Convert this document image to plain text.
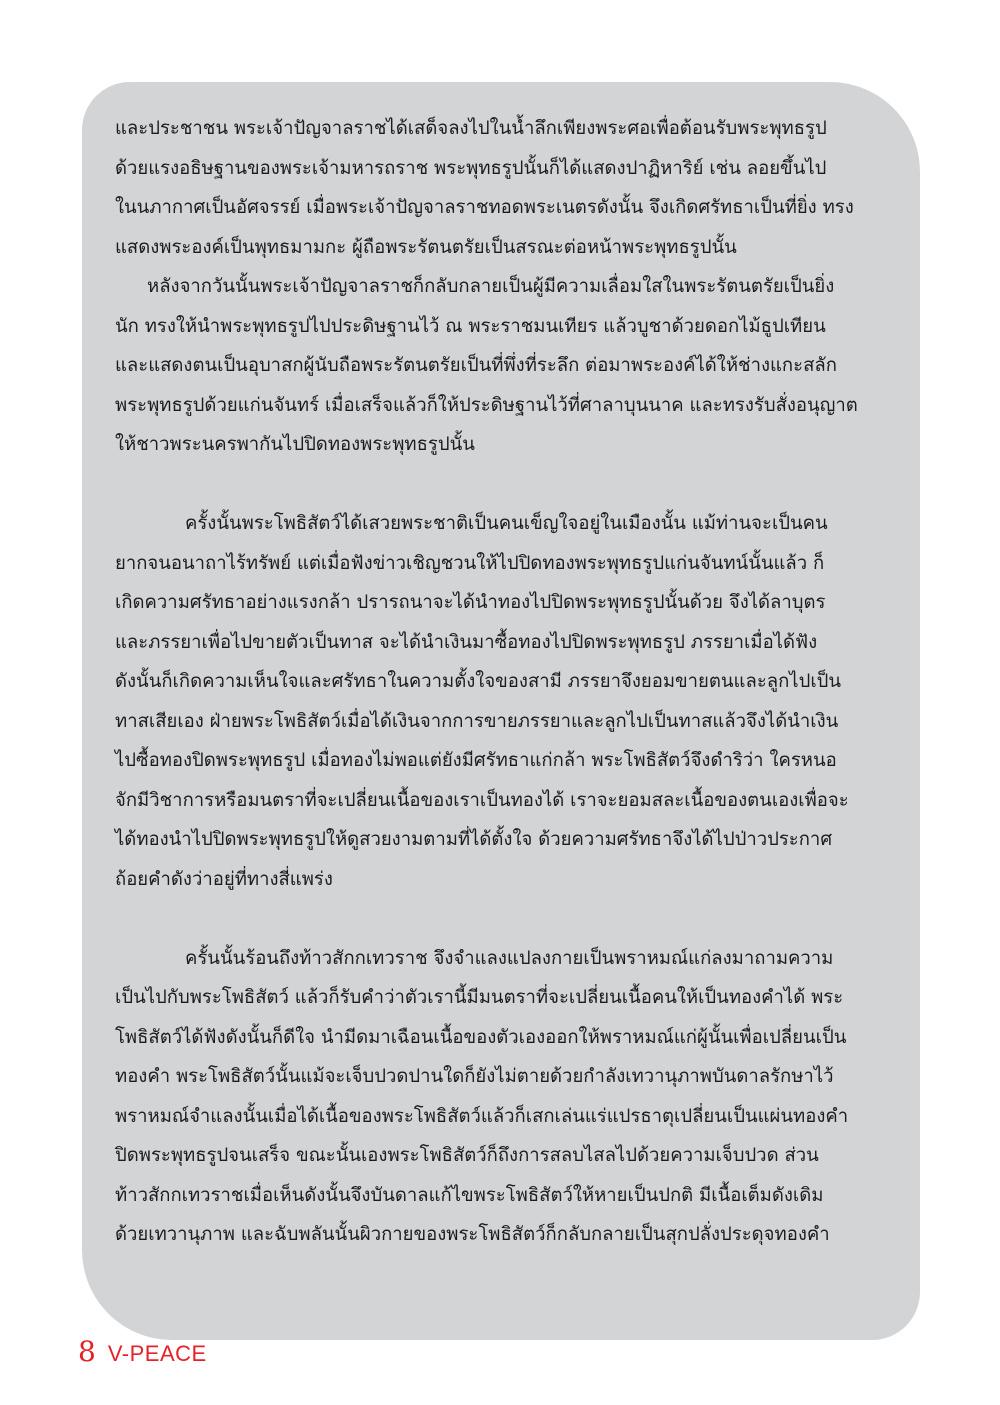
และประชาชน พระเจ้าปัญจาลราชได้เสด็จลงไปในน้ำลึกเพียงพระศอเพื่อต้อนรับพระพุทธรูป
ด้วยแรงอธิษฐานของพระเจ้ามหารถราช พระพุทธรูปนั้นก็ได้แสดงปาฏิหาริย์ เช่น ลอยขึ้นไป
ในนภากาศเป็นอัศจรรย์ เมื่อพระเจ้าปัญจาลราชทอดพระเนตรดังนั้น จึงเกิดศรัทธาเป็นที่ยิ่ง ทรง
แสดงพระองค์เป็นพุทธมามกะ ผู้ถือพระรัตนตรัยเป็นสรณะต่อหน้าพระพุทธรูปนั้น

หลังจากวันนั้นพระเจ้าปัญจาลราชก็กลับกลายเป็นผู้มีความเลื่อมใสในพระรัตนตรัยเป็นยิ่ง
นัก ทรงให้นำพระพุทธรูปไปประดิษฐานไว้ ณ พระราชมนเทียร แล้วบูชาด้วยดอกไม้ธูปเทียน
และแสดงตนเป็นอุบาสกผู้นับถือพระรัตนตรัยเป็นที่พึ่งที่ระลึก ต่อมาพระองค์ได้ให้ช่างแกะสลัก
พระพุทธรูปด้วยแก่นจันทร์ เมื่อเสร็จแล้วก็ให้ประดิษฐานไว้ที่ศาลาบุนนาค และทรงรับสั่งอนุญาต
ให้ชาวพระนครพากันไปปิดทองพระพุทธรูปนั้น

ครั้งนั้นพระโพธิสัตว์ได้เสวยพระชาติเป็นคนเข็ญใจอยู่ในเมืองนั้น แม้ท่านจะเป็นคน
ยากจนอนาถาไร้ทรัพย์ แต่เมื่อฟังข่าวเชิญชวนให้ไปปิดทองพระพุทธรูปแก่นจันทน์นั้นแล้ว ก็
เกิดความศรัทธาอย่างแรงกล้า ปรารถนาจะได้นำทองไปปิดพระพุทธรูปนั้นด้วย จึงได้ลาบุตร
และภรรยาเพื่อไปขายตัวเป็นทาส จะได้นำเงินมาซื้อทองไปปิดพระพุทธรูป ภรรยาเมื่อได้ฟัง
ดังนั้นก็เกิดความเห็นใจและศรัทธาในความตั้งใจของสามี ภรรยาจึงยอมขายตนและลูกไปเป็น
ทาสเสียเอง ฝ่ายพระโพธิสัตว์เมื่อได้เงินจากการขายภรรยาและลูกไปเป็นทาสแล้วจึงได้นำเงิน
ไปซื้อทองปิดพระพุทธรูป เมื่อทองไม่พอแต่ยังมีศรัทธาแก่กล้า พระโพธิสัตว์จึงดำริว่า ใครหนอ
จักมีวิชาการหรือมนตราที่จะเปลี่ยนเนื้อของเราเป็นทองได้ เราจะยอมสละเนื้อของตนเองเพื่อจะ
ได้ทองนำไปปิดพระพุทธรูปให้ดูสวยงามตามที่ได้ตั้งใจ ด้วยความศรัทธาจึงได้ไปป่าวประกาศ
ถ้อยคำดังว่าอยู่ที่ทางสี่แพร่ง

ครั้นนั้นร้อนถึงท้าวสักกเทวราช จึงจำแลงแปลงกายเป็นพราหมณ์แก่ลงมาถามความ
เป็นไปกับพระโพธิสัตว์ แล้วก็รับคำว่าตัวเรานี้มีมนตราที่จะเปลี่ยนเนื้อคนให้เป็นทองคำได้ พระ
โพธิสัตว์ได้ฟังดังนั้นก็ดีใจ นำมีดมาเฉือนเนื้อของตัวเองออกให้พราหมณ์แก่ผู้นั้นเพื่อเปลี่ยนเป็น
ทองคำ พระโพธิสัตว์นั้นแม้จะเจ็บปวดปานใดก็ยังไม่ตายด้วยกำลังเทวานุภาพบันดาลรักษาไว้
พราหมณ์จำแลงนั้นเมื่อได้เนื้อของพระโพธิสัตว์แล้วก็เสกเล่นแร่แปรธาตุเปลี่ยนเป็นแผ่นทองคำ
ปิดพระพุทธรูปจนเสร็จ ขณะนั้นเองพระโพธิสัตว์ก็ถึงการสลบไสลไปด้วยความเจ็บปวด ส่วน
ท้าวสักกเทวราชเมื่อเห็นดังนั้นจึงบันดาลแก้ไขพระโพธิสัตว์ให้หายเป็นปกติ มีเนื้อเต็มดังเดิม
ด้วยเทวานุภาพ และฉับพลันนั้นผิวกายของพระโพธิสัตว์ก็กลับกลายเป็นสุกปลั่งประดุจทองคำ

8 V-PEACE
